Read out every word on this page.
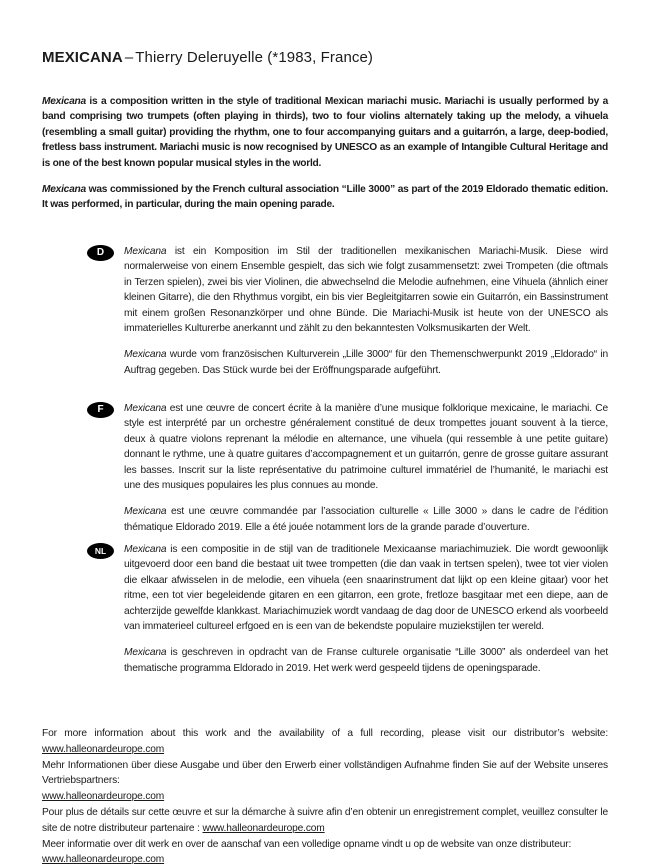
MEXICANA – Thierry Deleruyelle (*1983, France)

Mexicana is a composition written in the style of traditional Mexican mariachi music. Mariachi is usually performed by a band comprising two trumpets (often playing in thirds), two to four violins alternately taking up the melody, a vihuela (resembling a small guitar) providing the rhythm, one to four accompanying guitars and a guitarrón, a large, deep-bodied, fretless bass instrument. Mariachi music is now recognised by UNESCO as an example of Intangible Cultural Heritage and is one of the best known popular musical styles in the world.

Mexicana was commissioned by the French cultural association “Lille 3000” as part of the 2019 Eldorado thematic edition. It was performed, in particular, during the main opening parade.

D Mexicana ist ein Komposition im Stil der traditionellen mexikanischen Mariachi-Musik. Diese wird normalerweise von einem Ensemble gespielt, das sich wie folgt zusammensetzt: zwei Trompeten (die oftmals in Terzen spielen), zwei bis vier Violinen, die abwechselnd die Melodie aufnehmen, eine Vihuela (ähnlich einer kleinen Gitarre), die den Rhythmus vorgibt, ein bis vier Begleitgitarren sowie ein Guitarrón, ein Bassinstrument mit einem großen Resonanzkörper und ohne Bünde. Die Mariachi-Musik ist heute von der UNESCO als immaterielles Kulturerbe anerkannt und zählt zu den bekanntesten Volksmusikarten der Welt.

Mexicana wurde vom französischen Kulturverein „Lille 3000“ für den Themenschwerpunkt 2019 „Eldorado“ in Auftrag gegeben. Das Stück wurde bei der Eröffnungsparade aufgeführt.

F Mexicana est une œuvre de concert écrite à la manière d’une musique folklorique mexicaine, le mariachi. Ce style est interprété par un orchestre généralement constitué de deux trompettes jouant souvent à la tierce, deux à quatre violons reprenant la mélodie en alternance, une vihuela (qui ressemble à une petite guitare) donnant le rythme, une à quatre guitares d’accompagnement et un guitarrón, genre de grosse guitare assurant les basses. Inscrit sur la liste représentative du patrimoine culturel immatériel de l’humanité, le mariachi est une des musiques populaires les plus connues au monde.

Mexicana est une œuvre commandée par l’association culturelle « Lille 3000 » dans le cadre de l’édition thématique Eldorado 2019. Elle a été jouée notamment lors de la grande parade d’ouverture.

NL Mexicana is een compositie in de stijl van de traditionele Mexicaanse mariachimuziek. Die wordt gewoonlijk uitgevoerd door een band die bestaat uit twee trompetten (die dan vaak in tertsen spelen), twee tot vier violen die elkaar afwisselen in de melodie, een vihuela (een snaarinstrument dat lijkt op een kleine gitaar) voor het ritme, een tot vier begeleidende gitaren en een gitarron, een grote, fretloze basgitaar met een diepe, aan de achterzijde gewelfde klankkast. Mariachimuziek wordt vandaag de dag door de UNESCO erkend als voorbeeld van immaterieel cultureel erfgoed en is een van de bekendste populaire muziekstijlen ter wereld.

Mexicana is geschreven in opdracht van de Franse culturele organisatie “Lille 3000” als onderdeel van het thematische programma Eldorado in 2019. Het werk werd gespeeld tijdens de openingsparade.

For more information about this work and the availability of a full recording, please visit our distributor’s website: www.halleonardeurope.com

Mehr Informationen über diese Ausgabe und über den Erwerb einer vollständigen Aufnahme finden Sie auf der Website unseres Vertriebspartners:
www.halleonardeurope.com

Pour plus de détails sur cette œuvre et sur la démarche à suivre afin d’en obtenir un enregistrement complet, veuillez consulter le site de notre distributeur partenaire : www.halleonardeurope.com

Meer informatie over dit werk en over de aanschaf van een volledige opname vindt u op de website van onze distributeur:
www.halleonardeurope.com
